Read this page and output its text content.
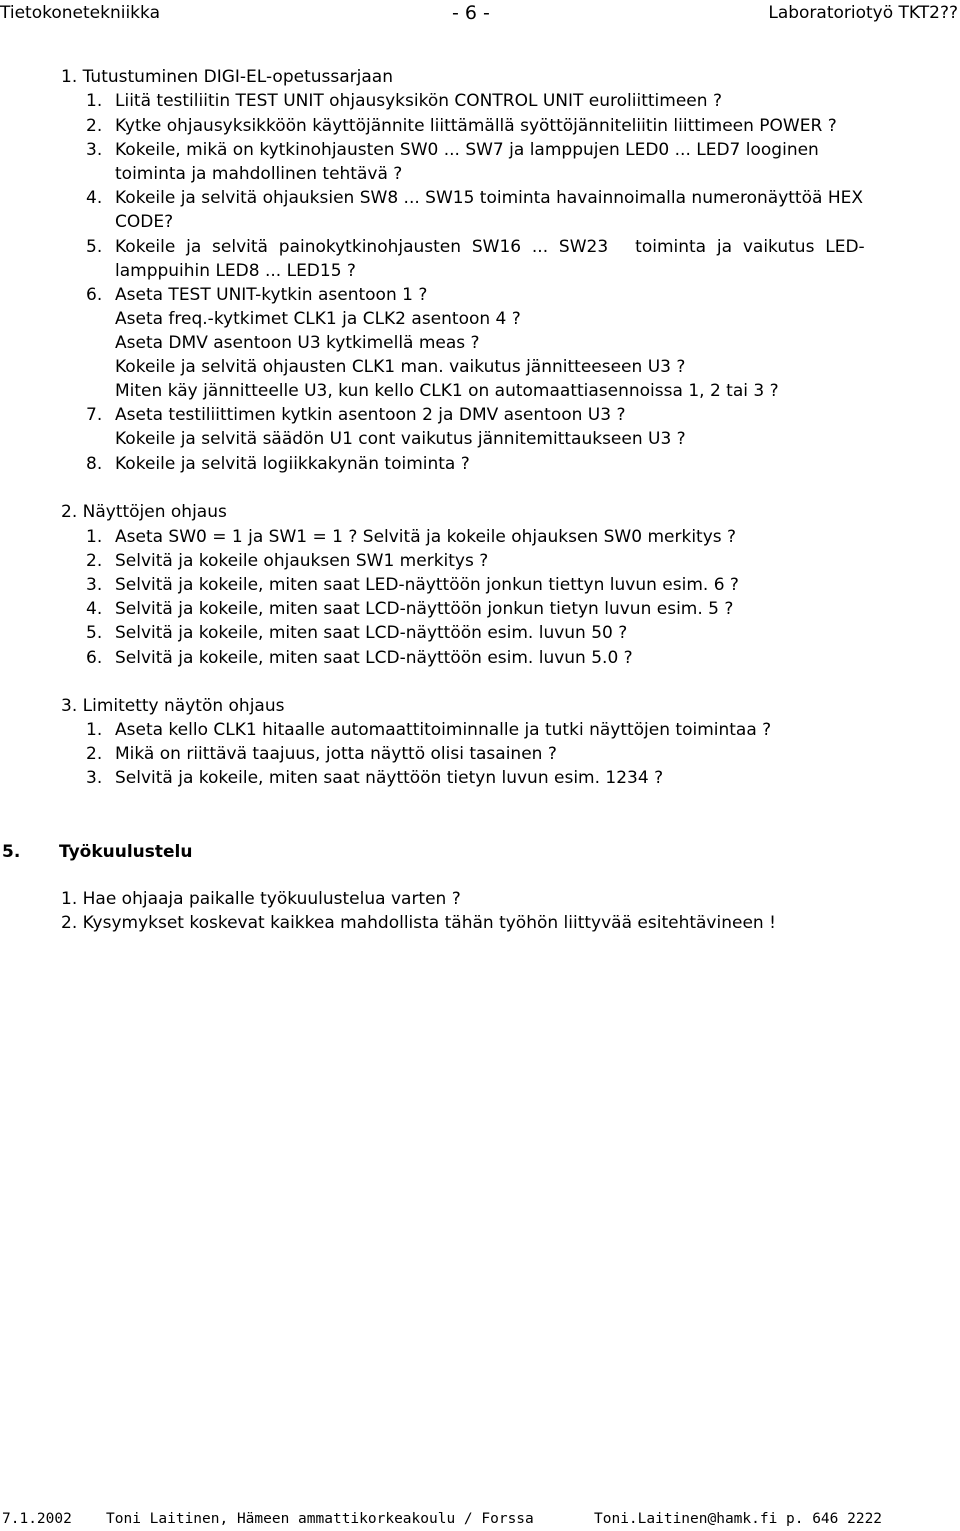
Tietokonetekniikka	- 6 -	Laboratoriotyö TKT2??
1. Tutustuminen DIGI-EL-opetussarjaan
1. Liitä testiliitin TEST UNIT ohjausyksikön CONTROL UNIT euroliittimeen ?
2. Kytke ohjausyksikköön käyttöjännite liittämällä syöttöjänniteliitin liittimeen POWER ?
3. Kokeile, mikä on kytkinohjausten SW0 ... SW7 ja lamppujen LED0 ... LED7 looginen
toiminta ja mahdollinen tehtävä ?
4. Kokeile ja selvitä ohjauksien SW8 ... SW15 toiminta havainnoimalla numeronäyttöä HEX
CODE?
5. Kokeile  ja  selvitä  painokytkinohjausten  SW16  ...  SW23     toiminta  ja  vaikutus  LED-
lamppuihin LED8 ... LED15 ?
6. Aseta TEST UNIT-kytkin asentoon 1 ?
Aseta freq.-kytkimet CLK1 ja CLK2 asentoon 4 ?
Aseta DMV asentoon U3 kytkimellä meas ?
Kokeile ja selvitä ohjausten CLK1 man. vaikutus jännitteeseen U3 ?
Miten käy jännitteelle U3, kun kello CLK1 on automaattiasennoissa 1, 2 tai 3 ?
7. Aseta testiliittimen kytkin asentoon 2 ja DMV asentoon U3 ?
Kokeile ja selvitä säädön U1 cont vaikutus jännitemittaukseen U3 ?
8. Kokeile ja selvitä logiikkakynän toiminta ?
2. Näyttöjen ohjaus
1. Aseta SW0 = 1 ja SW1 = 1 ? Selvitä ja kokeile ohjauksen SW0 merkitys ?
2. Selvitä ja kokeile ohjauksen SW1 merkitys ?
3. Selvitä ja kokeile, miten saat LED-näyttöön jonkun tiettyn luvun esim. 6 ?
4. Selvitä ja kokeile, miten saat LCD-näyttöön jonkun tietyn luvun esim. 5 ?
5. Selvitä ja kokeile, miten saat LCD-näyttöön esim. luvun 50 ?
6. Selvitä ja kokeile, miten saat LCD-näyttöön esim. luvun 5.0 ?
3. Limitetty näytön ohjaus
1. Aseta kello CLK1 hitaalle automaattitoiminnalle ja tutki näyttöjen toimintaa ?
2. Mikä on riittävä taajuus, jotta näyttö olisi tasainen ?
3. Selvitä ja kokeile, miten saat näyttöön tietyn luvun esim. 1234 ?
5. Työkuulustelu
1. Hae ohjaaja paikalle työkuulustelua varten ?
2. Kysymykset koskevat kaikkea mahdollista tähän työhön liittyvää esitehtävineen !
7.1.2002 Toni Laitinen, Hämeen ammattikorkeakoulu / Forssa	Toni.Laitinen@hamk.fi p. 646 2222
